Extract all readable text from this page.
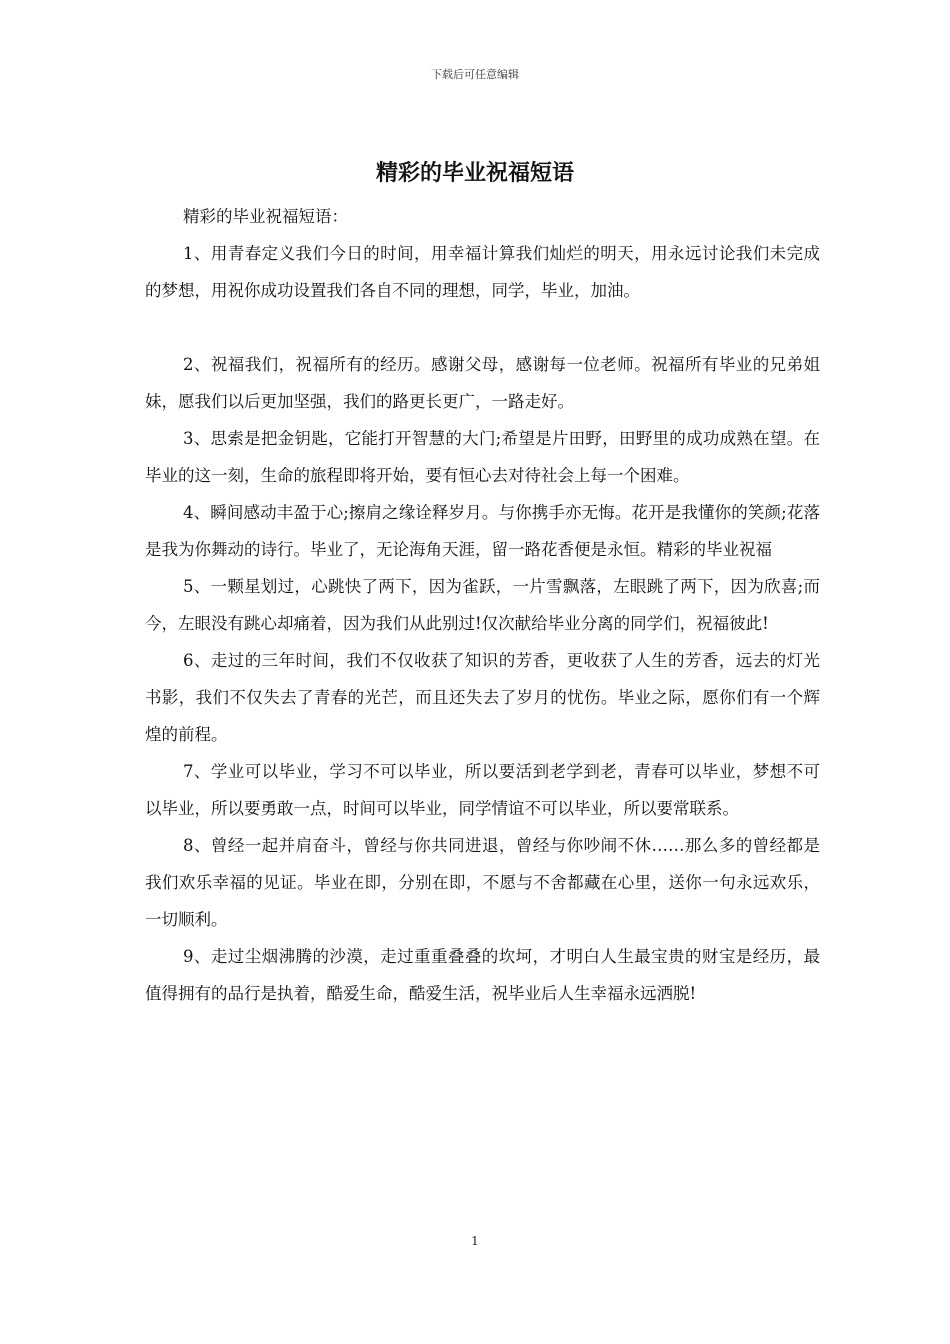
下载后可任意编辑
精彩的毕业祝福短语

精彩的毕业祝福短语：

1、用青春定义我们今日的时间，用幸福计算我们灿烂的明天，用永远讨论我们未完成的梦想，用祝你成功设置我们各自不同的理想，同学，毕业，加油。

2、祝福我们，祝福所有的经历。感谢父母，感谢每一位老师。祝福所有毕业的兄弟姐妹，愿我们以后更加坚强，我们的路更长更广，一路走好。

3、思索是把金钥匙，它能打开智慧的大门;希望是片田野，田野里的成功成熟在望。在毕业的这一刻，生命的旅程即将开始，要有恒心去对待社会上每一个困难。

4、瞬间感动丰盈于心;擦肩之缘诠释岁月。与你携手亦无悔。花开是我懂你的笑颜;花落是我为你舞动的诗行。毕业了，无论海角天涯，留一路花香便是永恒。精彩的毕业祝福

5、一颗星划过，心跳快了两下，因为雀跃，一片雪飘落，左眼跳了两下，因为欣喜;而今，左眼没有跳心却痛着，因为我们从此别过!仅次献给毕业分离的同学们，祝福彼此!

6、走过的三年时间，我们不仅收获了知识的芳香，更收获了人生的芳香，远去的灯光书影，我们不仅失去了青春的光芒，而且还失去了岁月的忧伤。毕业之际，愿你们有一个辉煌的前程。

7、学业可以毕业，学习不可以毕业，所以要活到老学到老，青春可以毕业，梦想不可以毕业，所以要勇敢一点，时间可以毕业，同学情谊不可以毕业，所以要常联系。

8、曾经一起并肩奋斗，曾经与你共同进退，曾经与你吵闹不休……那么多的曾经都是我们欢乐幸福的见证。毕业在即，分别在即，不愿与不舍都藏在心里，送你一句永远欢乐，一切顺利。

9、走过尘烟沸腾的沙漠，走过重重叠叠的坎坷，才明白人生最宝贵的财宝是经历，最值得拥有的品行是执着，酷爱生命，酷爱生活，祝毕业后人生幸福永远洒脱!

1
